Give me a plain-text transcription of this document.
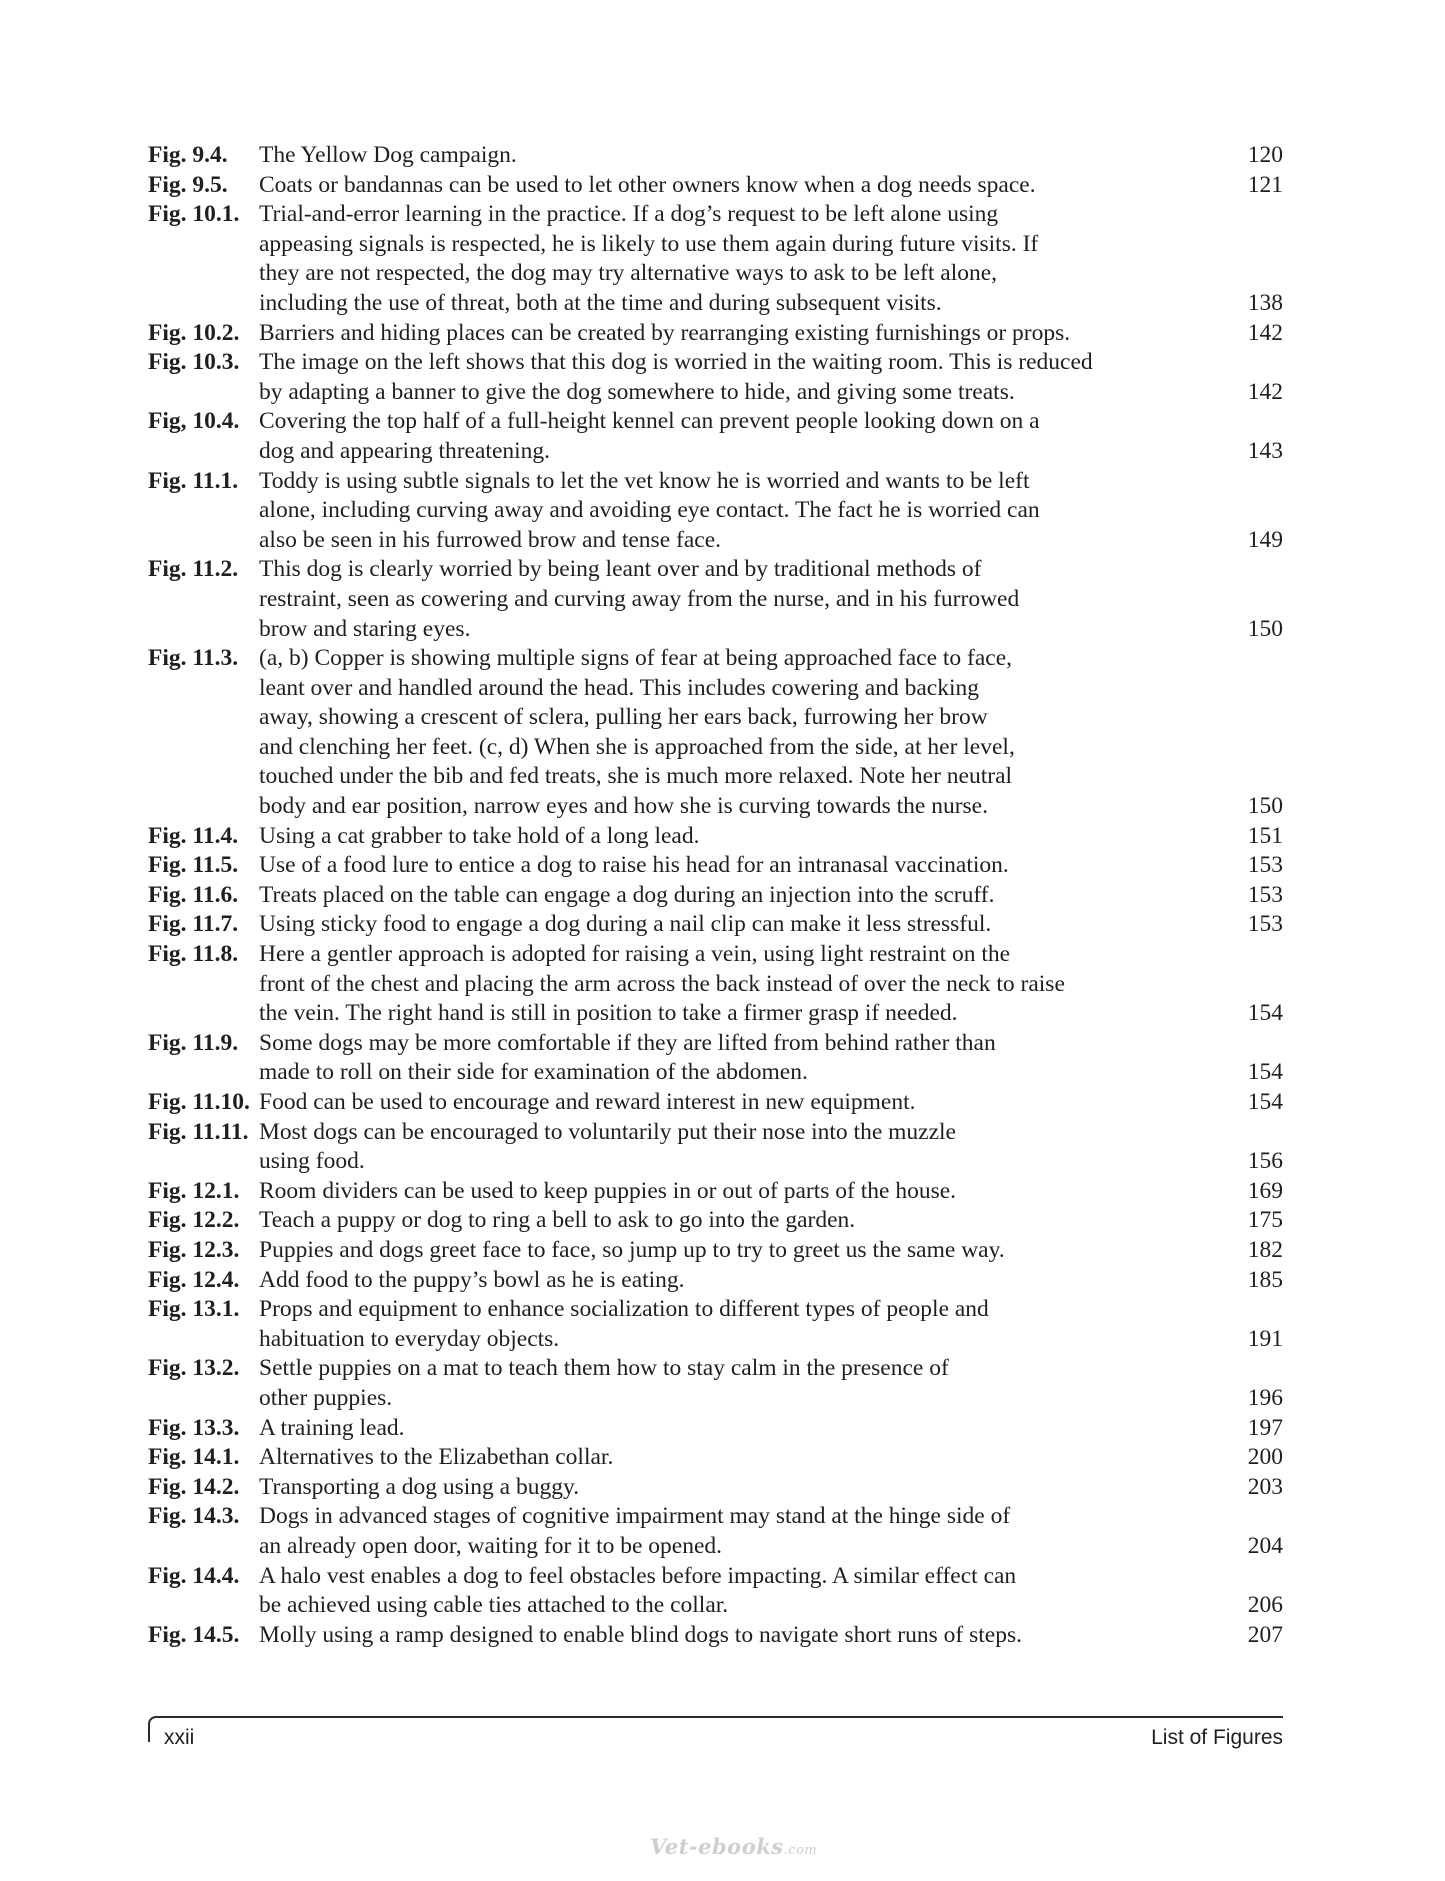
Fig. 9.4.	The Yellow Dog campaign.	120
Fig. 9.5.	Coats or bandannas can be used to let other owners know when a dog needs space.	121
Fig. 10.1. Trial-and-error learning in the practice. If a dog’s request to be left alone using
appeasing signals is respected, he is likely to use them again during future visits. If
they are not respected, the dog may try alternative ways to ask to be left alone,
including the use of threat, both at the time and during subsequent visits.	138
Fig. 10.2. Barriers and hiding places can be created by rearranging existing furnishings or props.	142
Fig. 10.3. The image on the left shows that this dog is worried in the waiting room. This is reduced
by adapting a banner to give the dog somewhere to hide, and giving some treats.	142
Fig, 10.4. Covering the top half of a full-height kennel can prevent people looking down on a
dog and appearing threatening.	143
Fig. 11.1. Toddy is using subtle signals to let the vet know he is worried and wants to be left
alone, including curving away and avoiding eye contact. The fact he is worried can
also be seen in his furrowed brow and tense face.	149
Fig. 11.2. This dog is clearly worried by being leant over and by traditional methods of
restraint, seen as cowering and curving away from the nurse, and in his furrowed
brow and staring eyes.	150
Fig. 11.3. (a, b) Copper is showing multiple signs of fear at being approached face to face,
leant over and handled around the head. This includes cowering and backing
away, showing a crescent of sclera, pulling her ears back, furrowing her brow
and clenching her feet. (c, d) When she is approached from the side, at her level,
touched under the bib and fed treats, she is much more relaxed. Note her neutral
body and ear position, narrow eyes and how she is curving towards the nurse.	150
Fig. 11.4. Using a cat grabber to take hold of a long lead.	151
Fig. 11.5. Use of a food lure to entice a dog to raise his head for an intranasal vaccination.	153
Fig. 11.6. Treats placed on the table can engage a dog during an injection into the scruff.	153
Fig. 11.7. Using sticky food to engage a dog during a nail clip can make it less stressful.	153
Fig. 11.8. Here a gentler approach is adopted for raising a vein, using light restraint on the
front of the chest and placing the arm across the back instead of over the neck to raise
the vein. The right hand is still in position to take a firmer grasp if needed.	154
Fig. 11.9. Some dogs may be more comfortable if they are lifted from behind rather than
made to roll on their side for examination of the abdomen.	154
Fig. 11.10. Food can be used to encourage and reward interest in new equipment.	154
Fig. 11.11. Most dogs can be encouraged to voluntarily put their nose into the muzzle
using food.	156
Fig. 12.1. Room dividers can be used to keep puppies in or out of parts of the house.	169
Fig. 12.2. Teach a puppy or dog to ring a bell to ask to go into the garden.	175
Fig. 12.3. Puppies and dogs greet face to face, so jump up to try to greet us the same way.	182
Fig. 12.4. Add food to the puppy’s bowl as he is eating.	185
Fig. 13.1. Props and equipment to enhance socialization to different types of people and
habituation to everyday objects.	191
Fig. 13.2. Settle puppies on a mat to teach them how to stay calm in the presence of
other puppies.	196
Fig. 13.3. A training lead.	197
Fig. 14.1. Alternatives to the Elizabethan collar.	200
Fig. 14.2. Transporting a dog using a buggy.	203
Fig. 14.3. Dogs in advanced stages of cognitive impairment may stand at the hinge side of
an already open door, waiting for it to be opened.	204
Fig. 14.4. A halo vest enables a dog to feel obstacles before impacting. A similar effect can
be achieved using cable ties attached to the collar.	206
Fig. 14.5. Molly using a ramp designed to enable blind dogs to navigate short runs of steps.	207
xxii	List of Figures
Vet-ebooks.com
